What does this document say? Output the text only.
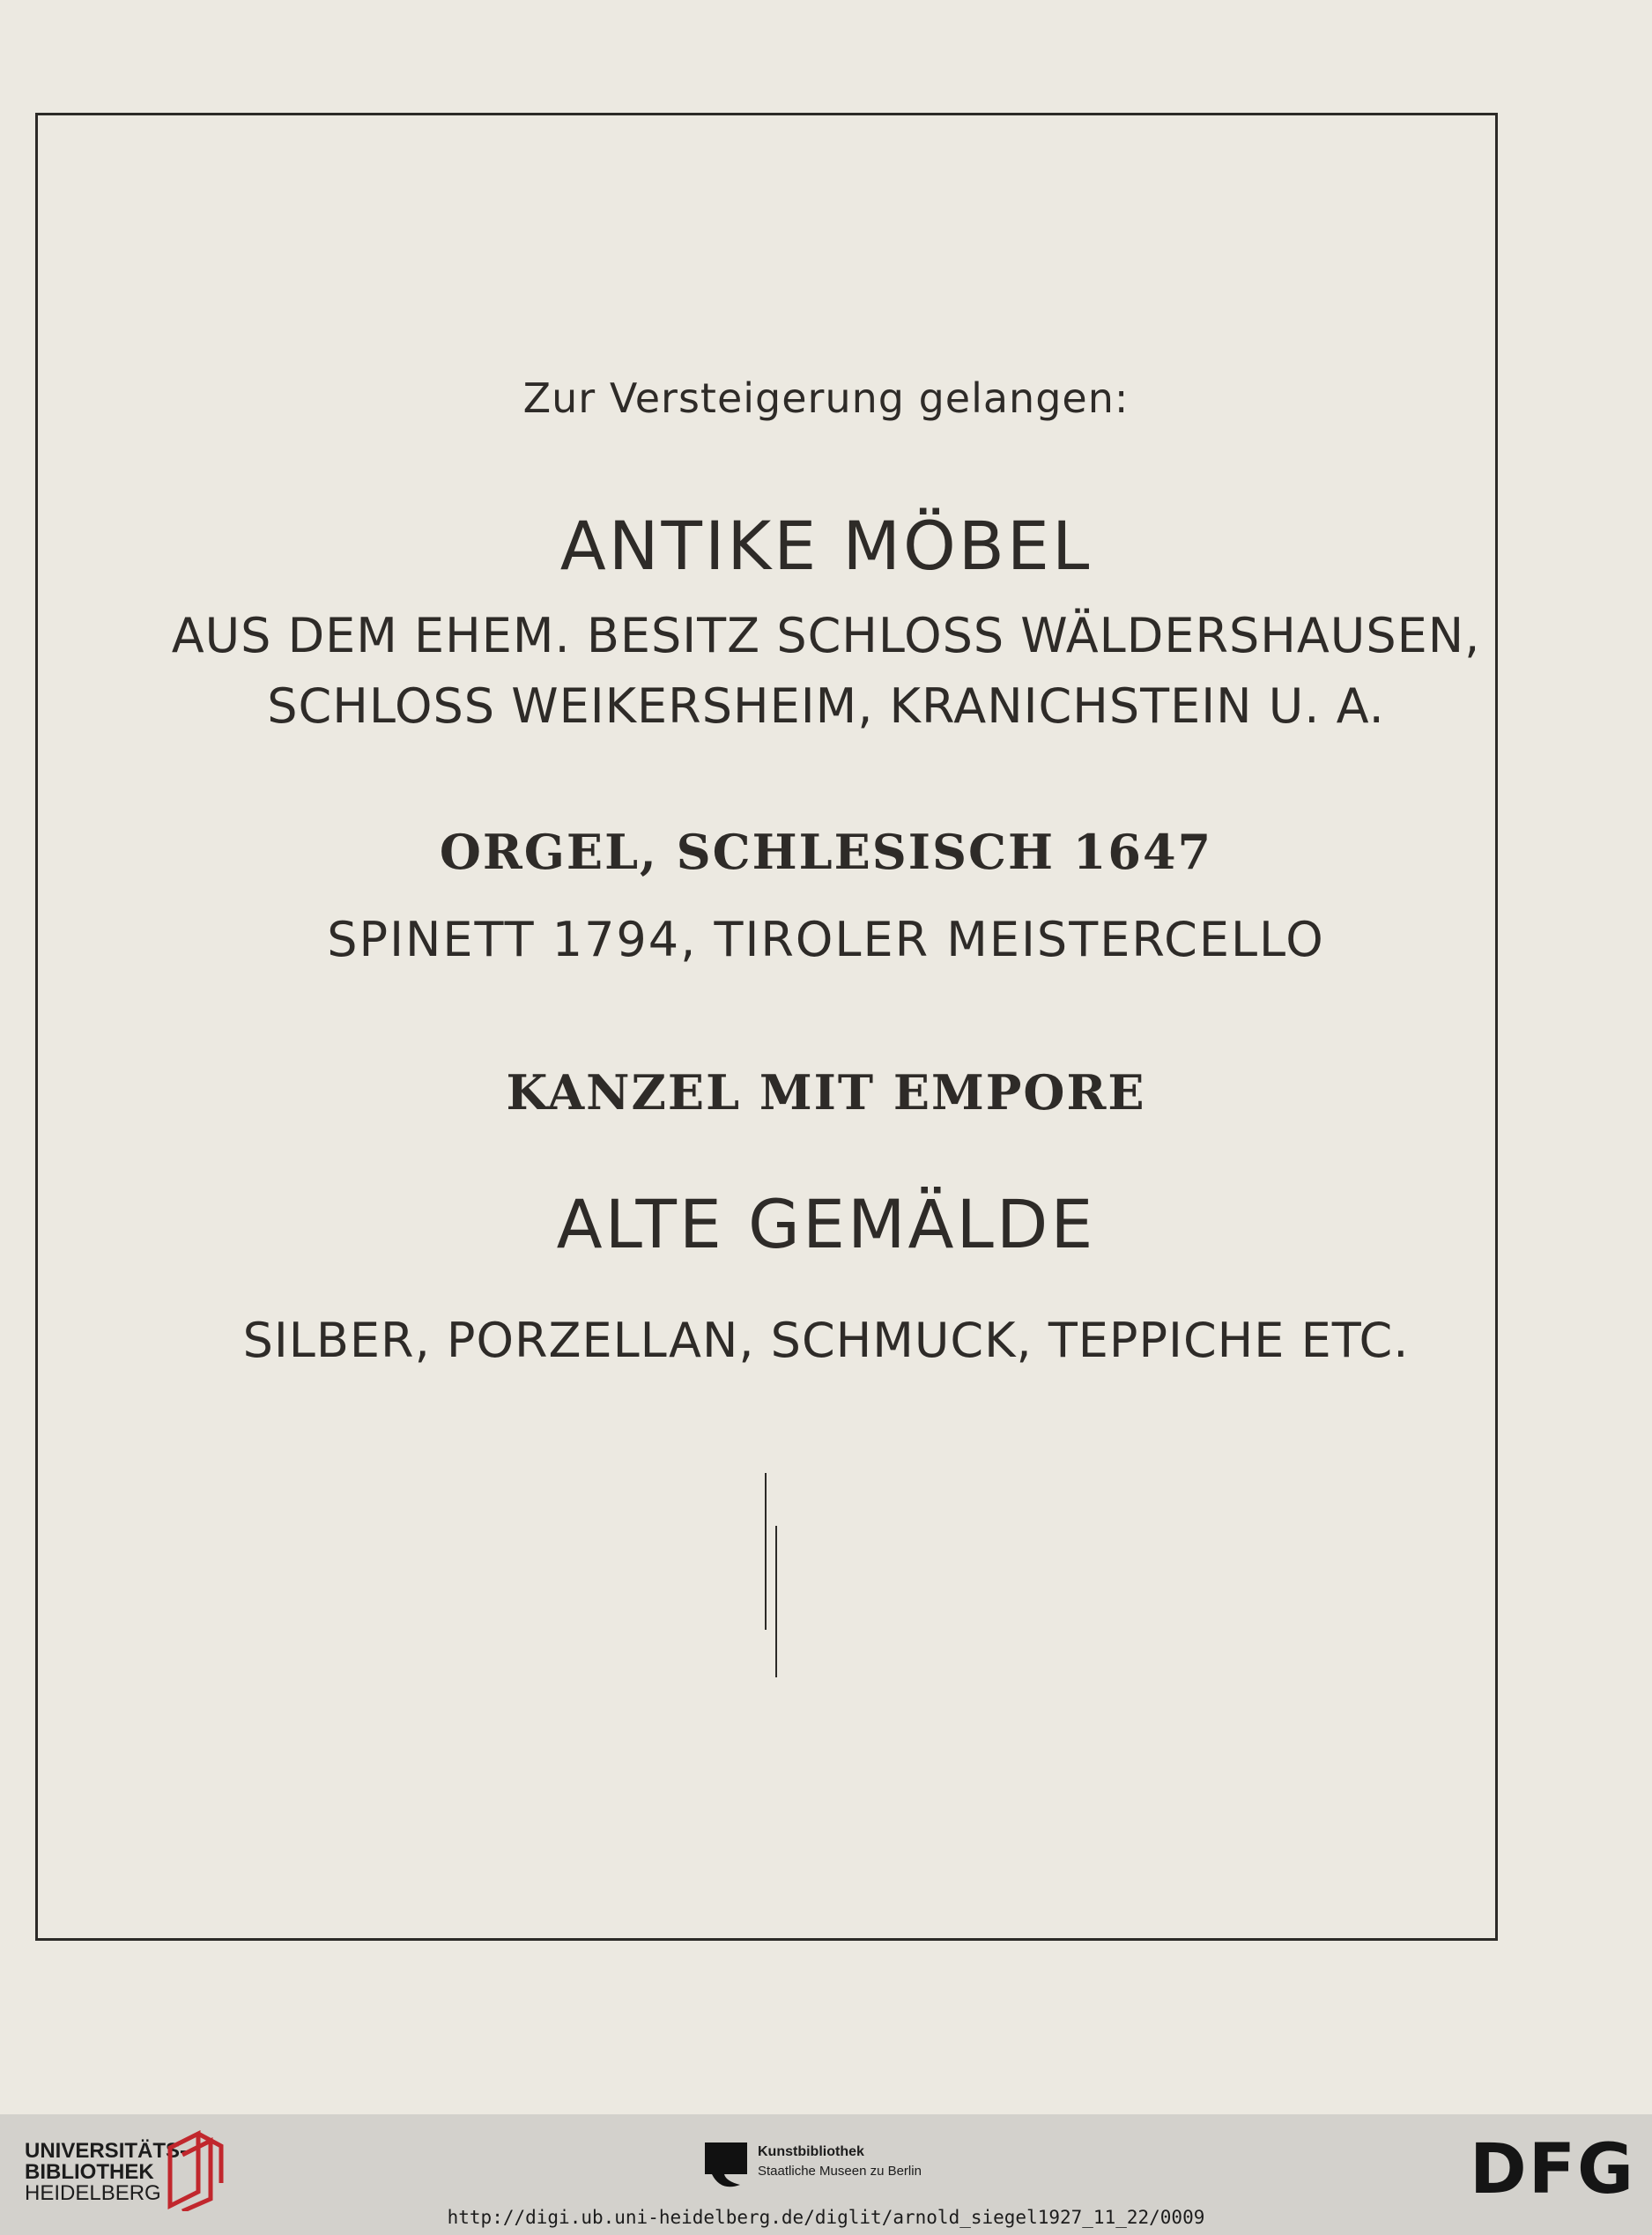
Zur Versteigerung gelangen:
ANTIKE MÖBEL
AUS DEM EHEM. BESITZ SCHLOSS WÄLDERSHAUSEN,
SCHLOSS WEIKERSHEIM, KRANICHSTEIN U. A.
ORGEL, SCHLESISCH 1647
SPINETT 1794, TIROLER MEISTERCELLO
KANZEL MIT EMPORE
ALTE GEMÄLDE
SILBER, PORZELLAN, SCHMUCK, TEPPICHE ETC.
UNIVERSITÄTS-
BIBLIOTHEK
HEIDELBERG
Kunstbibliothek
Staatliche Museen zu Berlin	DFG
http://digi.ub.uni-heidelberg.de/diglit/arnold_siegel1927_11_22/0009
